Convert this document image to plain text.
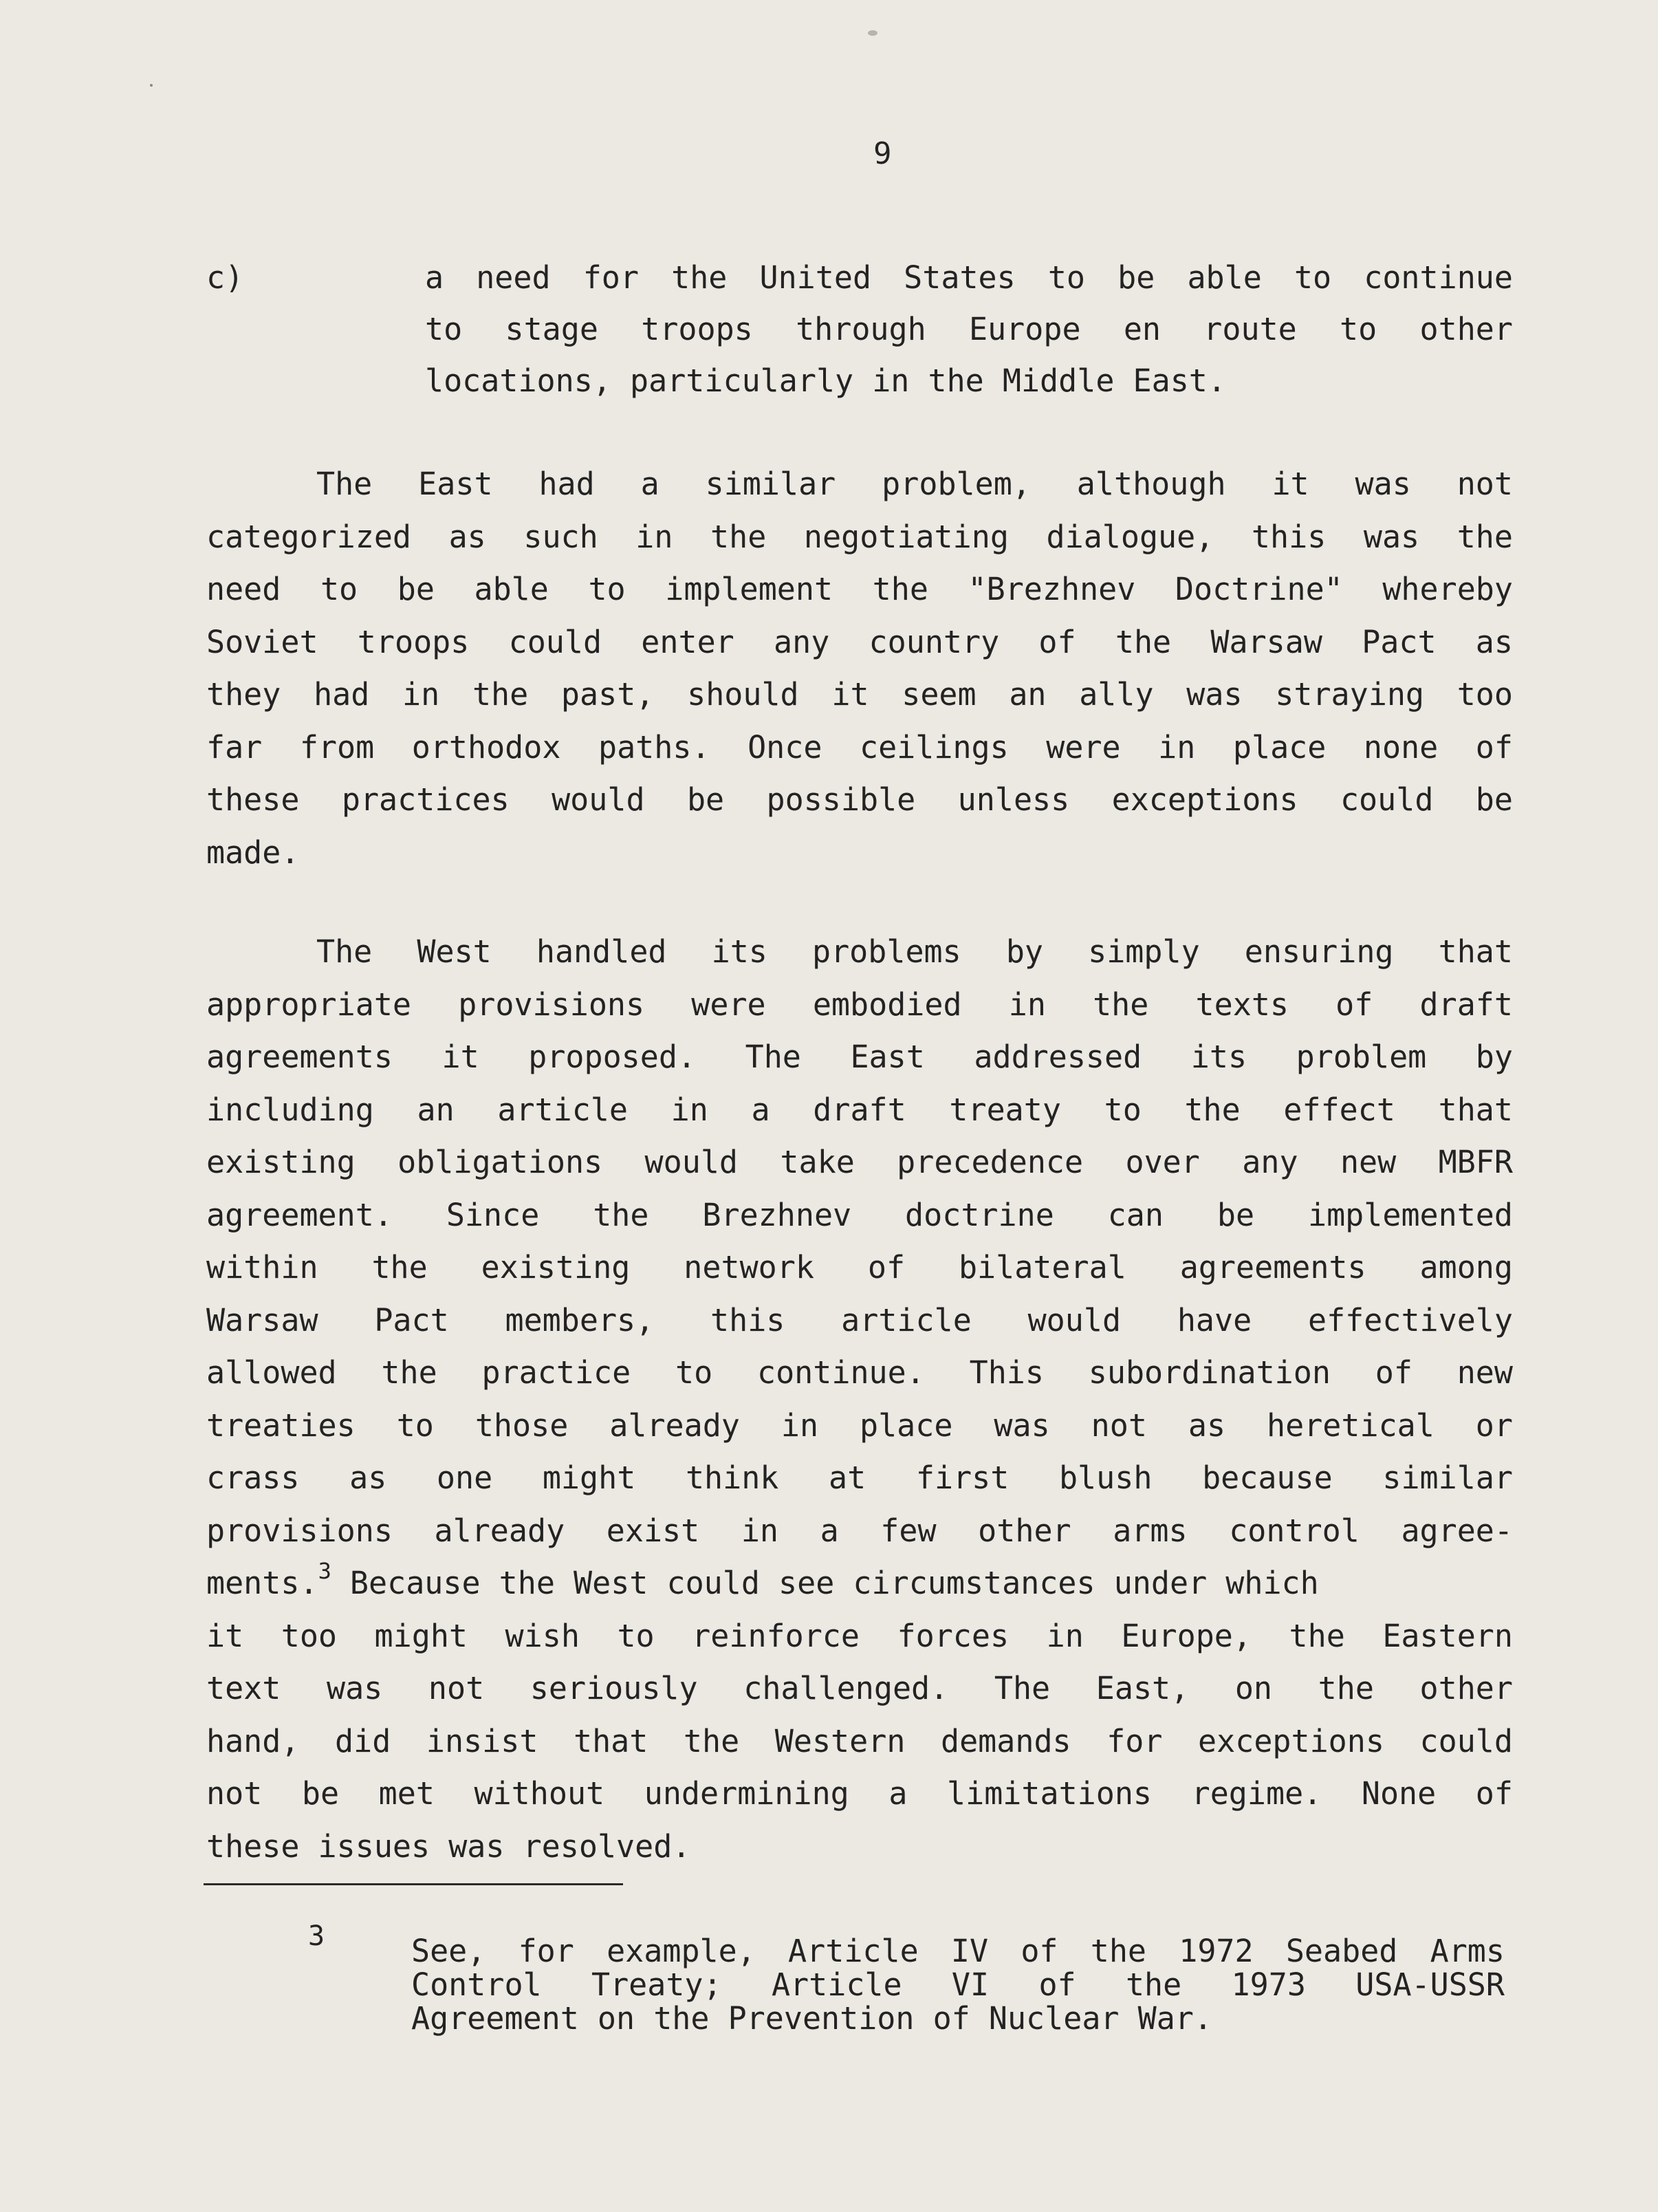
9
c)	a need for the United States to be able to continue
to stage troops through Europe en route to other
locations, particularly in the Middle East.
The East had a similar problem, although it was not
categorized as such in the negotiating dialogue, this was the
need to be able to implement the "Brezhnev Doctrine" whereby
Soviet troops could enter any country of the Warsaw Pact as
they had in the past, should it seem an ally was straying too
far from orthodox paths. Once ceilings were in place none of
these practices would be possible unless exceptions could be
made.
The West handled its problems by simply ensuring that
appropriate provisions were embodied in the texts of draft
agreements it proposed. The East addressed its problem by
including an article in a draft treaty to the effect that
existing obligations would take precedence over any new MBFR
agreement. Since the Brezhnev doctrine can be implemented
within the existing network of bilateral agreements among
Warsaw Pact members, this article would have effectively
allowed the practice to continue. This subordination of new
treaties to those already in place was not as heretical or
crass as one might think at first blush because similar
provisions already exist in a few other arms control agree-
ments.$^3$ Because the West could see circumstances under which
it too might wish to reinforce forces in Europe, the Eastern
text was not seriously challenged. The East, on the other
hand, did insist that the Western demands for exceptions could
not be met without undermining a limitations regime. None of
these issues was resolved.
3	See, for example, Article IV of the 1972 Seabed Arms
Control Treaty; Article VI of the 1973 USA-USSR
Agreement on the Prevention of Nuclear War.
